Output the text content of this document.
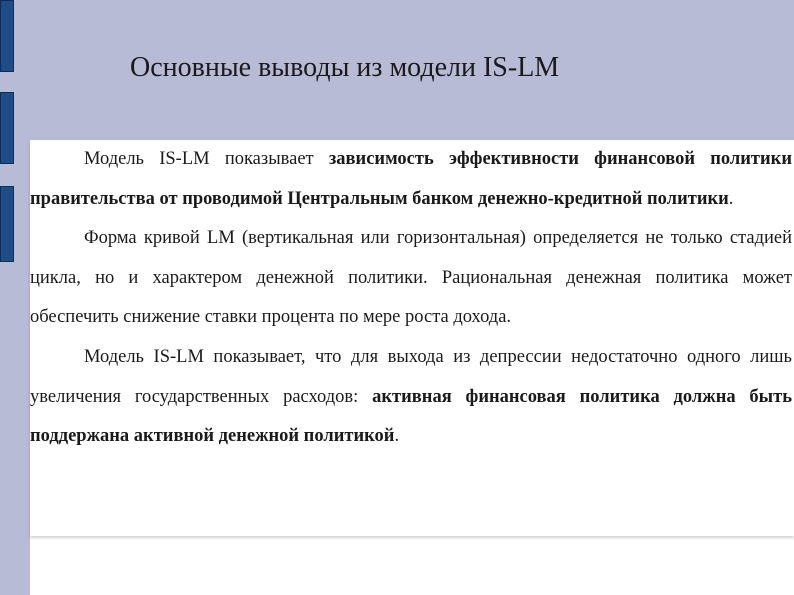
Основные выводы из модели IS-LM

Модель IS-LM показывает зависимость эффективности финансовой политики правительства от проводимой Центральным банком денежно-кредитной политики.

Форма кривой LM (вертикальная или горизонтальная) определяется не только стадией цикла, но и характером денежной политики. Рациональная денежная политика может обеспечить снижение ставки процента по мере роста дохода.

Модель IS-LM показывает, что для выхода из депрессии недостаточно одного лишь увеличения государственных расходов: активная финансовая политика должна быть поддержана активной денежной политикой.
